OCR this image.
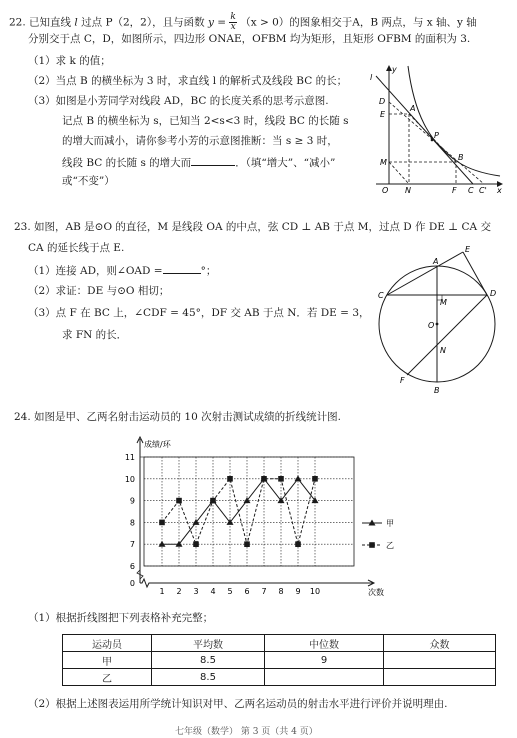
22. 已知直线 l 过点 P（2，2），且与函数 $y = \frac{k}{x} (x > 0)$的图象相交于A，B 两点，与 x 轴、y 轴
分别交于点 C，D，如图所示，四边形 ONAE，OFBM 均为矩形，且矩形 OFBM 的面积为 3.
（1）求 k 的值；
（2）当点 B 的横坐标为 3 时，求直线 l 的解析式及线段 BC 的长；
（3）如图是小芳同学对线段 AD，BC 的长度关系的思考示意图.
记点 B 的横坐标为 s，已知当 2<s<3 时，线段 BC 的长随 s
的增大而减小，请你参考小芳的示意图推断：当 s ≥ 3 时，
线段 BC 的长随 s 的增大而	．（填“增大”、“减小”
或“不变”）
y
l
D
E
A
P
M
B
O N	F C C' x
23. 如图，AB 是⊙O 的直径，M 是线段 OA 的中点，弦 CD ⊥ AB 于点 M，过点 D 作 DE ⊥ CA 交
CA 的延长线于点 E.
（1）连接 AD，则∠OAD =	°；
（2）求证：DE 与⊙O 相切；
（3）点 F 在 BC 上，∠CDF = 45°，DF 交 AB 于点 N．若 DE = 3，
求 FN 的长．
A
E
C
M
D
O
N
F
B
24. 如图是甲、乙两名射击运动员的 10 次射击测试成绩的折线统计图.
0
6
7
8
9
10
11
1 2 3 4 5 6 7 8 9 10
成绩/环
次数
甲
乙
（1）根据折线图把下列表格补充完整；
运动员	平均数	中位数	众数
甲	8.5	9	
乙	8.5		
（2）根据上述图表运用所学统计知识对甲、乙两名运动员的射击水平进行评价并说明理由.
七年级（数学） 第 3 页（共 4 页）
